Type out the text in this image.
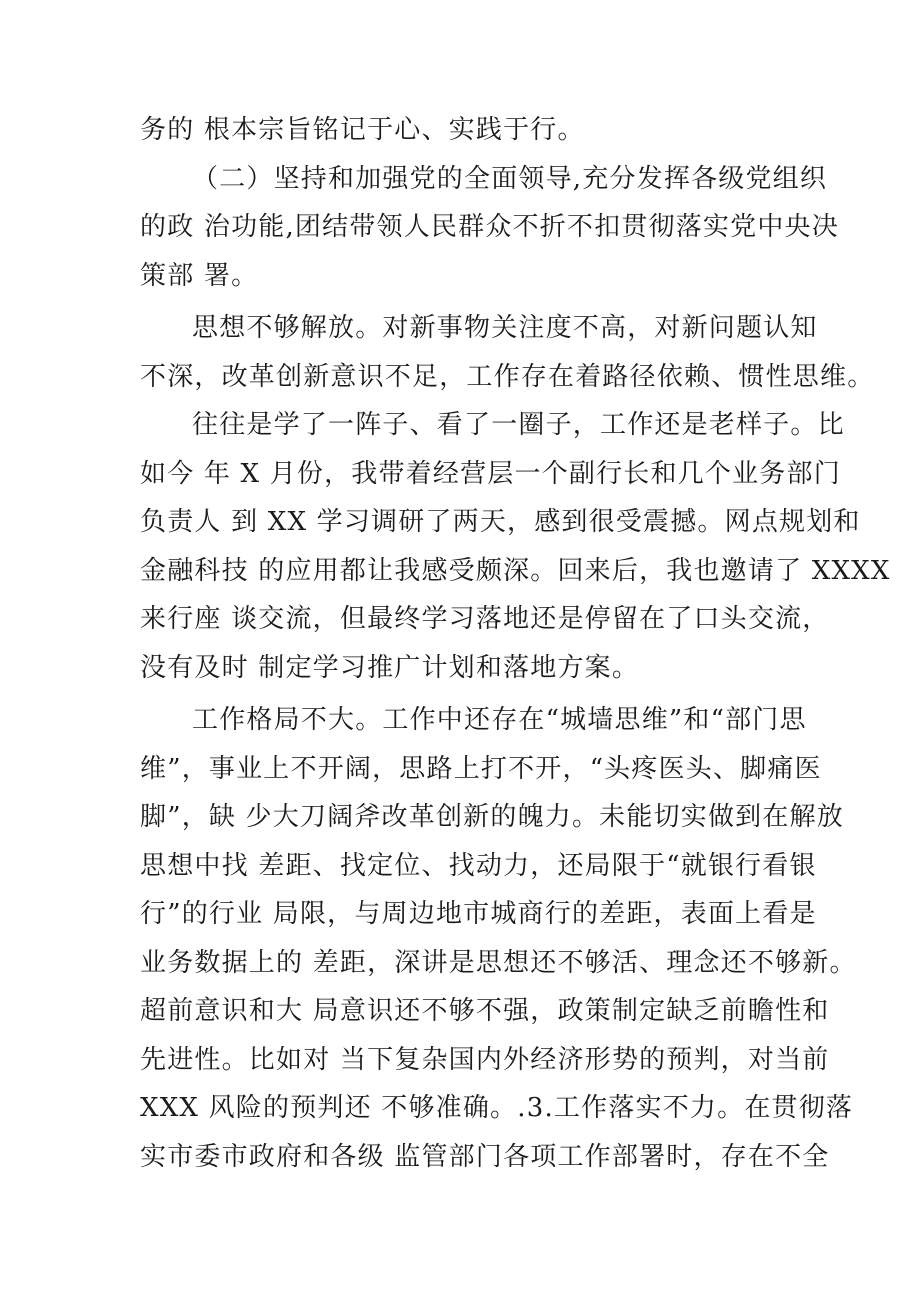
务的 根本宗旨铭记于心、实践于行。
（二）坚持和加强党的全面领导,充分发挥各级党组织
的政 治功能,团结带领人民群众不折不扣贯彻落实党中央决
策部 署。
思想不够解放。对新事物关注度不高，对新问题认知
不深，改革创新意识不足，工作存在着路径依赖、惯性思维。
往往是学了一阵子、看了一圈子，工作还是老样子。比
如今 年 X 月份，我带着经营层一个副行长和几个业务部门
负责人 到 XX 学习调研了两天，感到很受震撼。网点规划和
金融科技 的应用都让我感受颇深。回来后，我也邀请了 XXXX
来行座 谈交流，但最终学习落地还是停留在了口头交流，
没有及时 制定学习推广计划和落地方案。
工作格局不大。工作中还存在“城墙思维”和“部门思
维”，事业上不开阔，思路上打不开，“头疼医头、脚痛医
脚”，缺 少大刀阔斧改革创新的魄力。未能切实做到在解放
思想中找 差距、找定位、找动力，还局限于“就银行看银
行”的行业 局限，与周边地市城商行的差距，表面上看是
业务数据上的 差距，深讲是思想还不够活、理念还不够新。
超前意识和大 局意识还不够不强，政策制定缺乏前瞻性和
先进性。比如对 当下复杂国内外经济形势的预判，对当前
XXX 风险的预判还 不够准确。.3.工作落实不力。在贯彻落
实市委市政府和各级 监管部门各项工作部署时，存在不全
